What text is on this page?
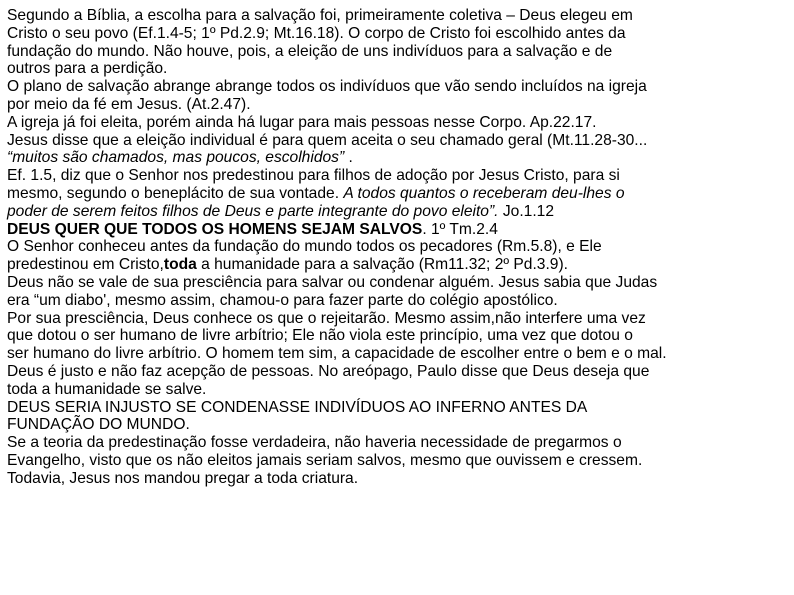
Segundo a Bíblia, a escolha para a salvação foi, primeiramente coletiva – Deus elegeu em
Cristo o seu povo (Ef.1.4-5; 1º Pd.2.9; Mt.16.18). O corpo de Cristo foi escolhido antes da
fundação do mundo. Não houve, pois, a eleição de uns indivíduos para a salvação e de
outros para a perdição.
O plano de salvação abrange abrange todos os indivíduos que vão sendo incluídos na igreja
por meio da fé em Jesus. (At.2.47).
A igreja já foi eleita, porém ainda há lugar para mais pessoas nesse Corpo. Ap.22.17.
Jesus disse que a eleição individual é para quem aceita o seu chamado geral (Mt.11.28-30...
“muitos são chamados, mas poucos, escolhidos” .
Ef. 1.5, diz que o Senhor nos predestinou para filhos de adoção por Jesus Cristo, para si
mesmo, segundo o beneplácito de sua vontade. A todos quantos o receberam deu-lhes o
poder de serem feitos filhos de Deus e parte integrante do povo eleito”. Jo.1.12
DEUS QUER QUE TODOS OS HOMENS SEJAM SALVOS. 1º Tm.2.4
O Senhor conheceu antes da fundação do mundo todos os pecadores (Rm.5.8), e Ele
predestinou em Cristo,toda a humanidade para a salvação (Rm11.32; 2º Pd.3.9).
Deus não se vale de sua presciência para salvar ou condenar alguém. Jesus sabia que Judas
era “um diabo', mesmo assim, chamou-o para fazer parte do colégio apostólico.
Por sua presciência, Deus conhece os que o rejeitarão. Mesmo assim,não interfere uma vez
que dotou o ser humano de livre arbítrio; Ele não viola este princípio, uma vez que dotou o
ser humano do livre arbítrio. O homem tem sim, a capacidade de escolher entre o bem e o mal.
Deus é justo e não faz acepção de pessoas. No areópago, Paulo disse que Deus deseja que
toda a humanidade se salve.
DEUS SERIA INJUSTO SE CONDENASSE INDIVÍDUOS AO INFERNO ANTES DA
FUNDAÇÃO DO MUNDO.
Se a teoria da predestinação fosse verdadeira, não haveria necessidade de pregarmos o
Evangelho, visto que os não eleitos jamais seriam salvos, mesmo que ouvissem e cressem.
Todavia, Jesus nos mandou pregar a toda criatura.
